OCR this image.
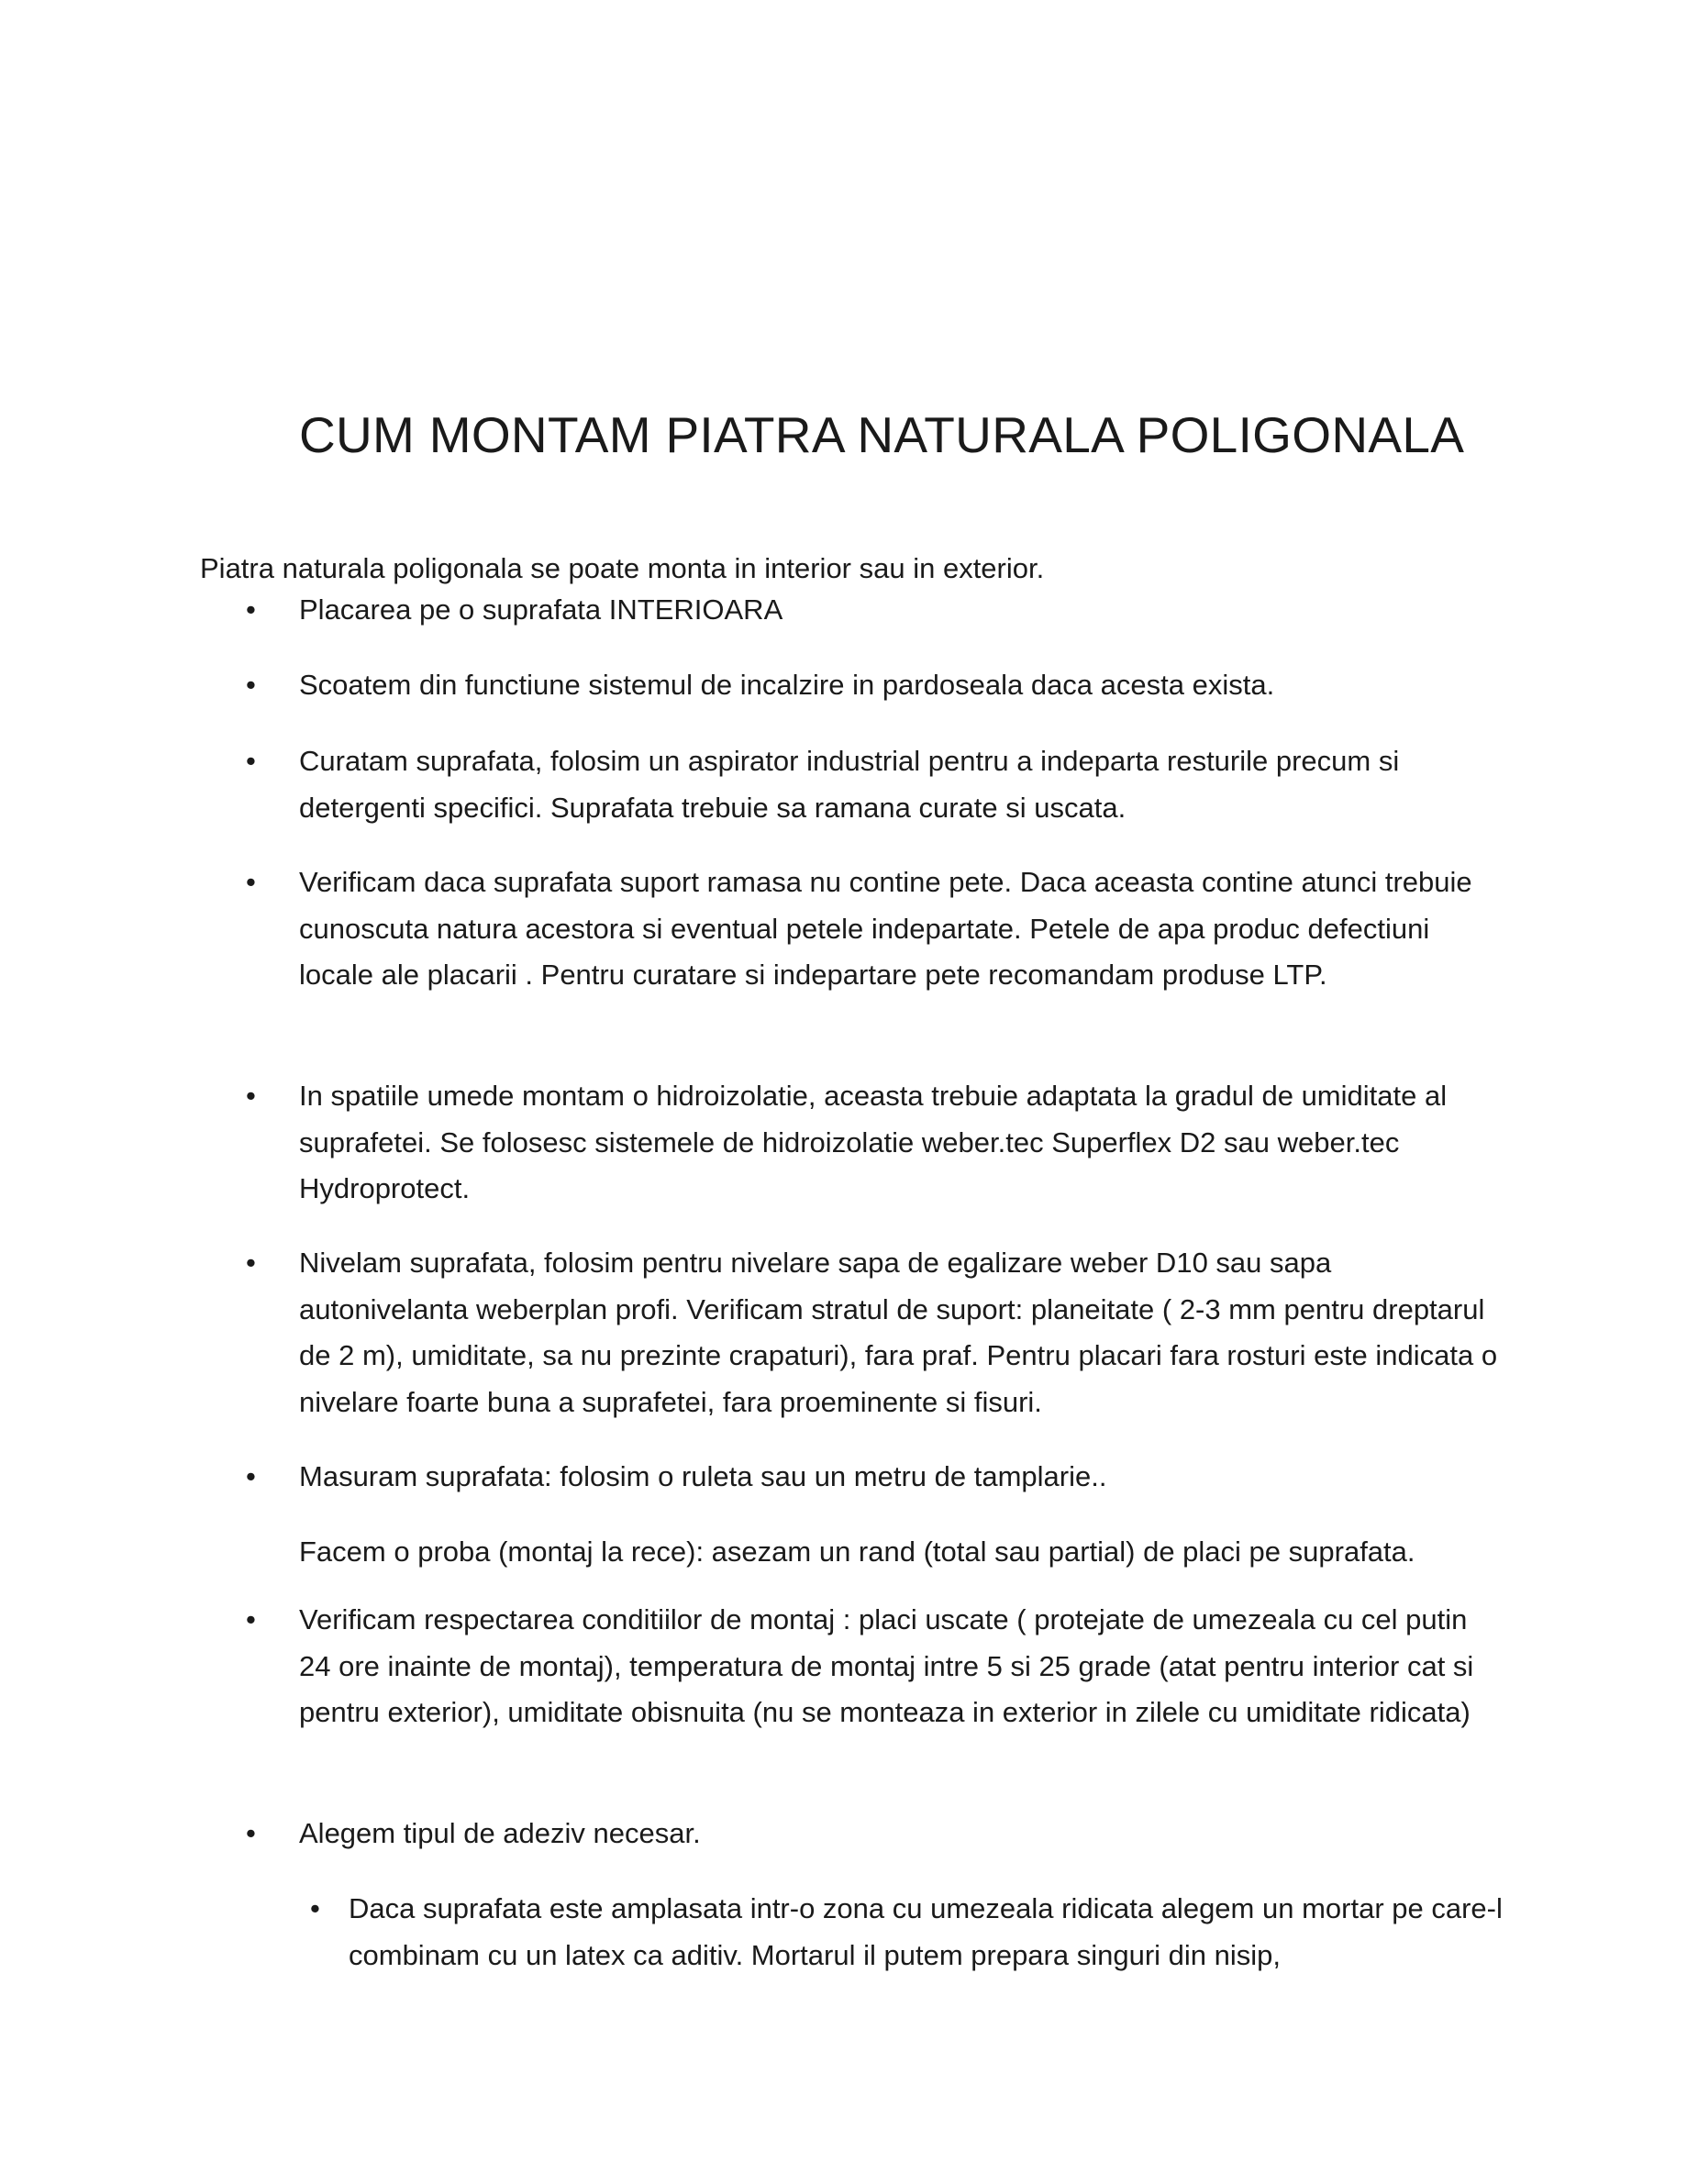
CUM MONTAM PIATRA NATURALA POLIGONALA

Piatra naturala poligonala se poate monta in interior sau in exterior.

• Placarea pe o suprafata INTERIOARA

• Scoatem din functiune sistemul de incalzire in pardoseala daca acesta exista.

• Curatam suprafata, folosim un aspirator industrial pentru a indeparta resturile precum si detergenti specifici. Suprafata trebuie sa ramana curate si uscata.

• Verificam daca suprafata suport ramasa nu contine pete. Daca aceasta contine atunci trebuie cunoscuta natura acestora si eventual petele indepartate. Petele de apa produc defectiuni locale ale placarii . Pentru curatare si indepartare pete recomandam produse LTP.

• In spatiile umede montam o hidroizolatie, aceasta trebuie adaptata la gradul de umiditate al suprafetei. Se folosesc sistemele de hidroizolatie weber.tec Superflex D2 sau weber.tec Hydroprotect.

• Nivelam suprafata, folosim pentru nivelare sapa de egalizare weber D10 sau sapa autonivelanta weberplan profi. Verificam stratul de suport: planeitate ( 2-3 mm pentru dreptarul de 2 m), umiditate, sa nu prezinte crapaturi), fara praf. Pentru placari fara rosturi este indicata o nivelare foarte buna a suprafetei, fara proeminente si fisuri.

• Masuram suprafata: folosim o ruleta sau un metru de tamplarie..

Facem o proba (montaj la rece): asezam un rand (total sau partial) de placi pe suprafata.

• Verificam respectarea conditiilor de montaj : placi uscate ( protejate de umezeala cu cel putin 24 ore inainte de montaj), temperatura de montaj intre 5 si 25 grade (atat pentru interior cat si pentru exterior), umiditate obisnuita (nu se monteaza in exterior in zilele cu umiditate ridicata)

• Alegem tipul de adeziv necesar.

• Daca suprafata este amplasata intr-o zona cu umezeala ridicata alegem un mortar pe care-l combinam cu un latex ca aditiv. Mortarul il putem prepara singuri din nisip,
